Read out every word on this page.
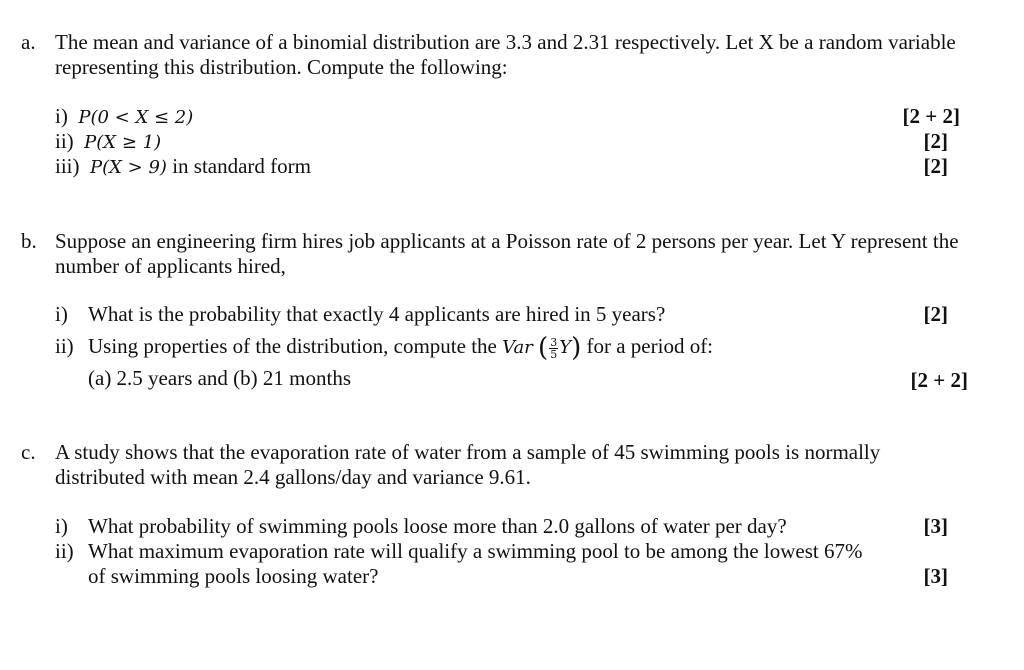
a. The mean and variance of a binomial distribution are 3.3 and 2.31 respectively. Let X be a random variable
representing this distribution. Compute the following:
i) P(0 < X ≤ 2)	[2 + 2]
ii) P(X ≥ 1)	[2]
iii) P(X > 9) in standard form	[2]
b. Suppose an engineering firm hires job applicants at a Poisson rate of 2 persons per year. Let Y represent the
number of applicants hired,
i) What is the probability that exactly 4 applicants are hired in 5 years?	[2]
ii) Using properties of the distribution, compute the Var ( $\frac{3}{5} Y$) for a period of:
(a) 2.5 years and (b) 21 months	[2 + 2]
c. A study shows that the evaporation rate of water from a sample of 45 swimming pools is normally
distributed with mean 2.4 gallons/day and variance 9.61.
i) What probability of swimming pools loose more than 2.0 gallons of water per day?	[3]
ii) What maximum evaporation rate will qualify a swimming pool to be among the lowest 67%
of swimming pools loosing water?	[3]
